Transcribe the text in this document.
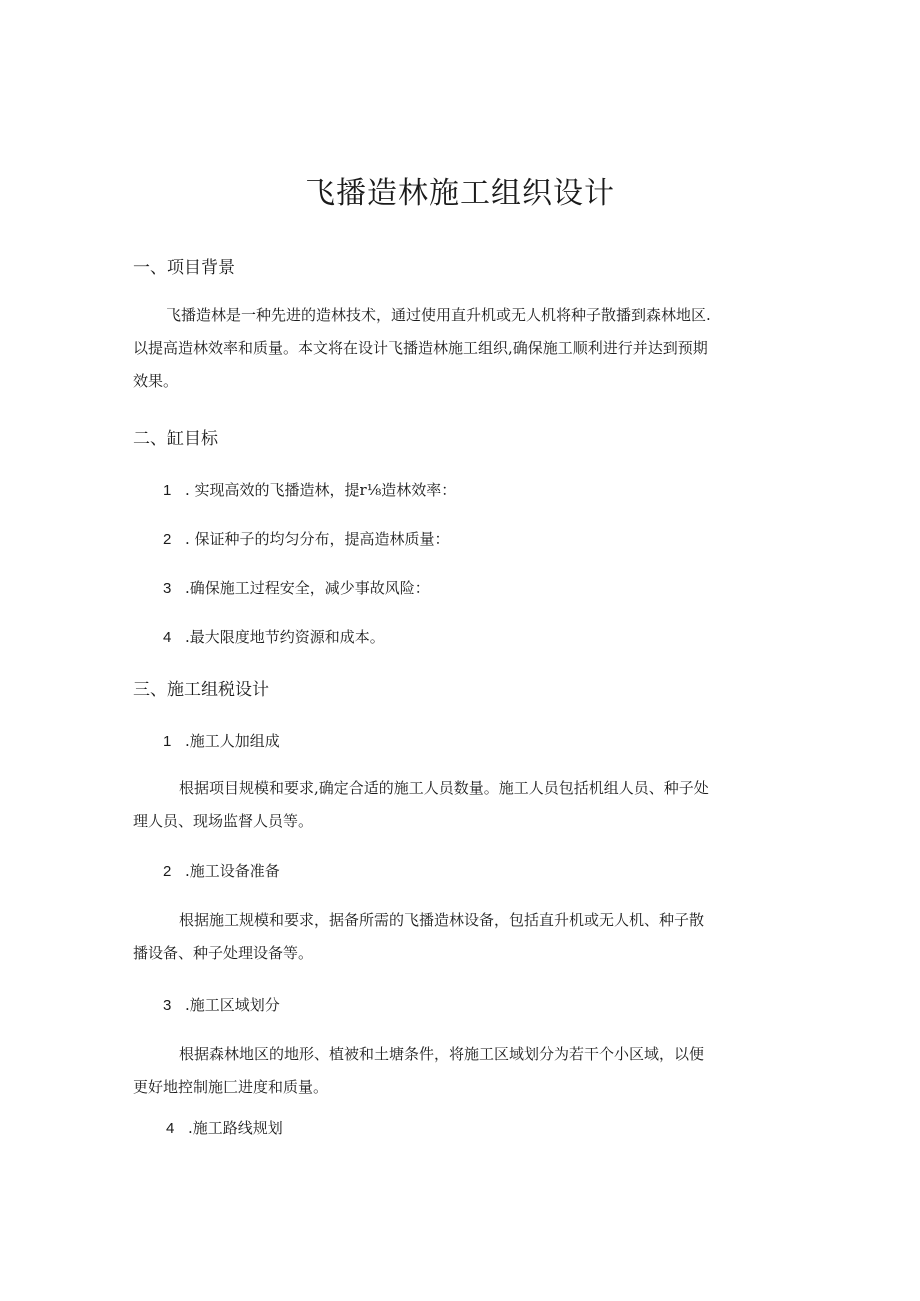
飞播造林施工组织设计
一、项目背景
飞播造林是一种先进的造林技术，通过使用直升机或无人机将种子散播到森林地区.
以提高造林效率和质量。本文将在设计飞播造林施工组织,确保施工顺利进行并达到预期
效果。
二、缸目标
1 . 实现高效的飞播造林，提r⅛造林效率：
2 . 保证种子的均匀分布，提高造林质量：
3 .确保施工过程安全，减少事故风险：
4 .最大限度地节约资源和成本。
三、施工组税设计
1 .施工人加组成
根据项目规模和要求,确定合适的施工人员数量。施工人员包括机组人员、种子处
理人员、现场监督人员等。
2 .施工设备准备
根据施工规模和要求，据备所需的飞播造林设备，包括直升机或无人机、种子散
播设备、种子处理设备等。
3 .施工区域划分
根据森林地区的地形、植被和土塘条件，将施工区域划分为若干个小区域，以便
更好地控制施匚进度和质量。
4 .施工路线规划
